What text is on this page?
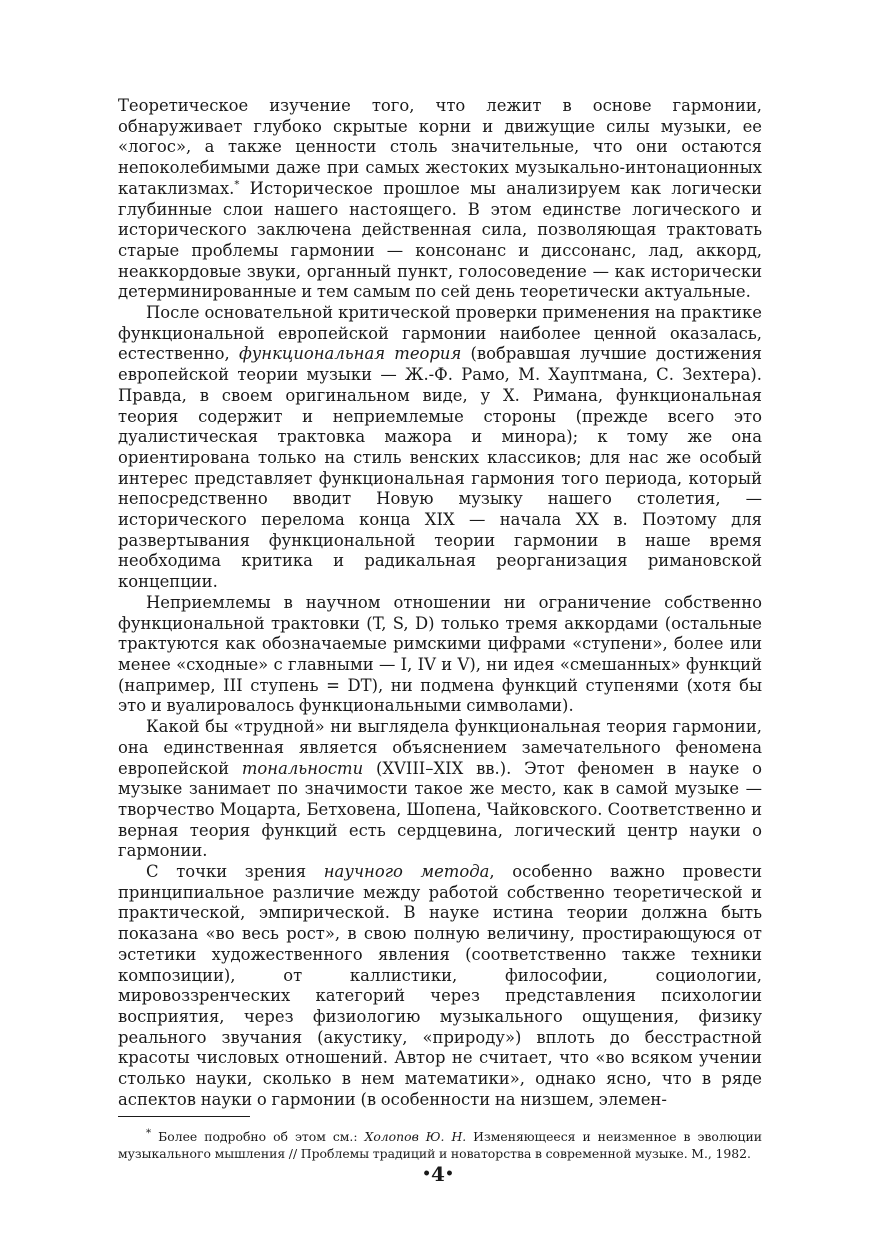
Теоретическое изучение того, что лежит в основе гармонии, обнаруживает глубоко скрытые корни и движущие силы музыки, ее «логос», а также ценности столь значительные, что они остаются непоколебимыми даже при самых жестоких музыкально-интонационных катаклизмах.* Историческое прошлое мы анализируем как логически глубинные слои нашего настоящего. В этом единстве логического и исторического заключена действенная сила, позволяющая трактовать старые проблемы гармонии — консонанс и диссонанс, лад, аккорд, неаккордовые звуки, органный пункт, голосоведение — как исторически детерминированные и тем самым по сей день теоретически актуальные.

После основательной критической проверки применения на практике функциональной европейской гармонии наиболее ценной оказалась, естественно, функциональная теория (вобравшая лучшие достижения европейской теории музыки — Ж.-Ф. Рамо, М. Хауптмана, С. Зехтера). Правда, в своем оригинальном виде, у Х. Римана, функциональная теория содержит и неприемлемые стороны (прежде всего это дуалистическая трактовка мажора и минора); к тому же она ориентирована только на стиль венских классиков; для нас же особый интерес представляет функциональная гармония того периода, который непосредственно вводит Новую музыку нашего столетия, — исторического перелома конца XIX — начала XX в. Поэтому для развертывания функциональной теории гармонии в наше время необходима критика и радикальная реорганизация римановской концепции.

Неприемлемы в научном отношении ни ограничение собственно функциональной трактовки (T, S, D) только тремя аккордами (остальные трактуются как обозначаемые римскими цифрами «ступени», более или менее «сходные» с главными — I, IV и V), ни идея «смешанных» функций (например, III ступень = DT), ни подмена функций ступенями (хотя бы это и вуалировалось функциональными символами).

Какой бы «трудной» ни выглядела функциональная теория гармонии, она единственная является объяснением замечательного феномена европейской тональности (XVIII–XIX вв.). Этот феномен в науке о музыке занимает по значимости такое же место, как в самой музыке — творчество Моцарта, Бетховена, Шопена, Чайковского. Соответственно и верная теория функций есть сердцевина, логический центр науки о гармонии.

С точки зрения научного метода, особенно важно провести принципиальное различие между работой собственно теоретической и практической, эмпирической. В науке истина теории должна быть показана «во весь рост», в свою полную величину, простирающуюся от эстетики художественного явления (соответственно также техники композиции), от каллистики, философии, социологии, мировоззренческих категорий через представления психологии восприятия, через физиологию музыкального ощущения, физику реального звучания (акустику, «природу») вплоть до бесстрастной красоты числовых отношений. Автор не считает, что «во всяком учении столько науки, сколько в нем математики», однако ясно, что в ряде аспектов науки о гармонии (в особенности на низшем, элемен-

* Более подробно об этом см.: Холопов Ю. Н. Изменяющееся и неизменное в эволюции музыкального мышления // Проблемы традиций и новаторства в современной музыке. М., 1982.
•4•
